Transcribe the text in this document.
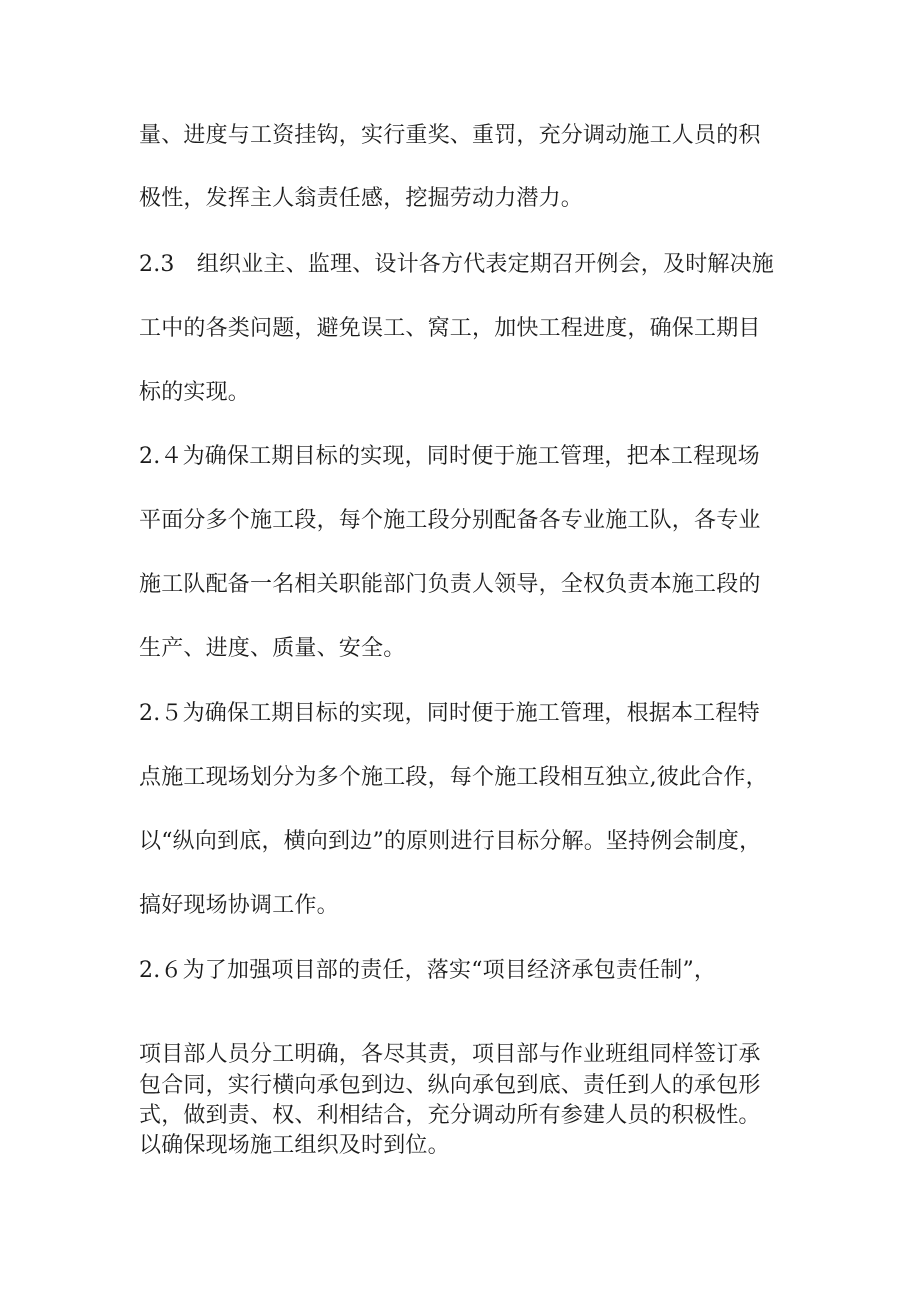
量、进度与工资挂钩，实行重奖、重罚，充分调动施工人员的积
极性，发挥主人翁责任感，挖掘劳动力潜力。
2.3　组织业主、监理、设计各方代表定期召开例会，及时解决施
工中的各类问题，避免误工、窝工，加快工程进度，确保工期目
标的实现。
2.４为确保工期目标的实现，同时便于施工管理，把本工程现场
平面分多个施工段，每个施工段分别配备各专业施工队，各专业
施工队配备一名相关职能部门负责人领导，全权负责本施工段的
生产、进度、质量、安全。
2.５为确保工期目标的实现，同时便于施工管理，根据本工程特
点施工现场划分为多个施工段，每个施工段相互独立,彼此合作，
以“纵向到底，横向到边”的原则进行目标分解。坚持例会制度，
搞好现场协调工作。
2.６为了加强项目部的责任，落实“项目经济承包责任制”，
项目部人员分工明确，各尽其责，项目部与作业班组同样签订承
包合同，实行横向承包到边、纵向承包到底、责任到人的承包形
式，做到责、权、利相结合，充分调动所有参建人员的积极性。
以确保现场施工组织及时到位。
